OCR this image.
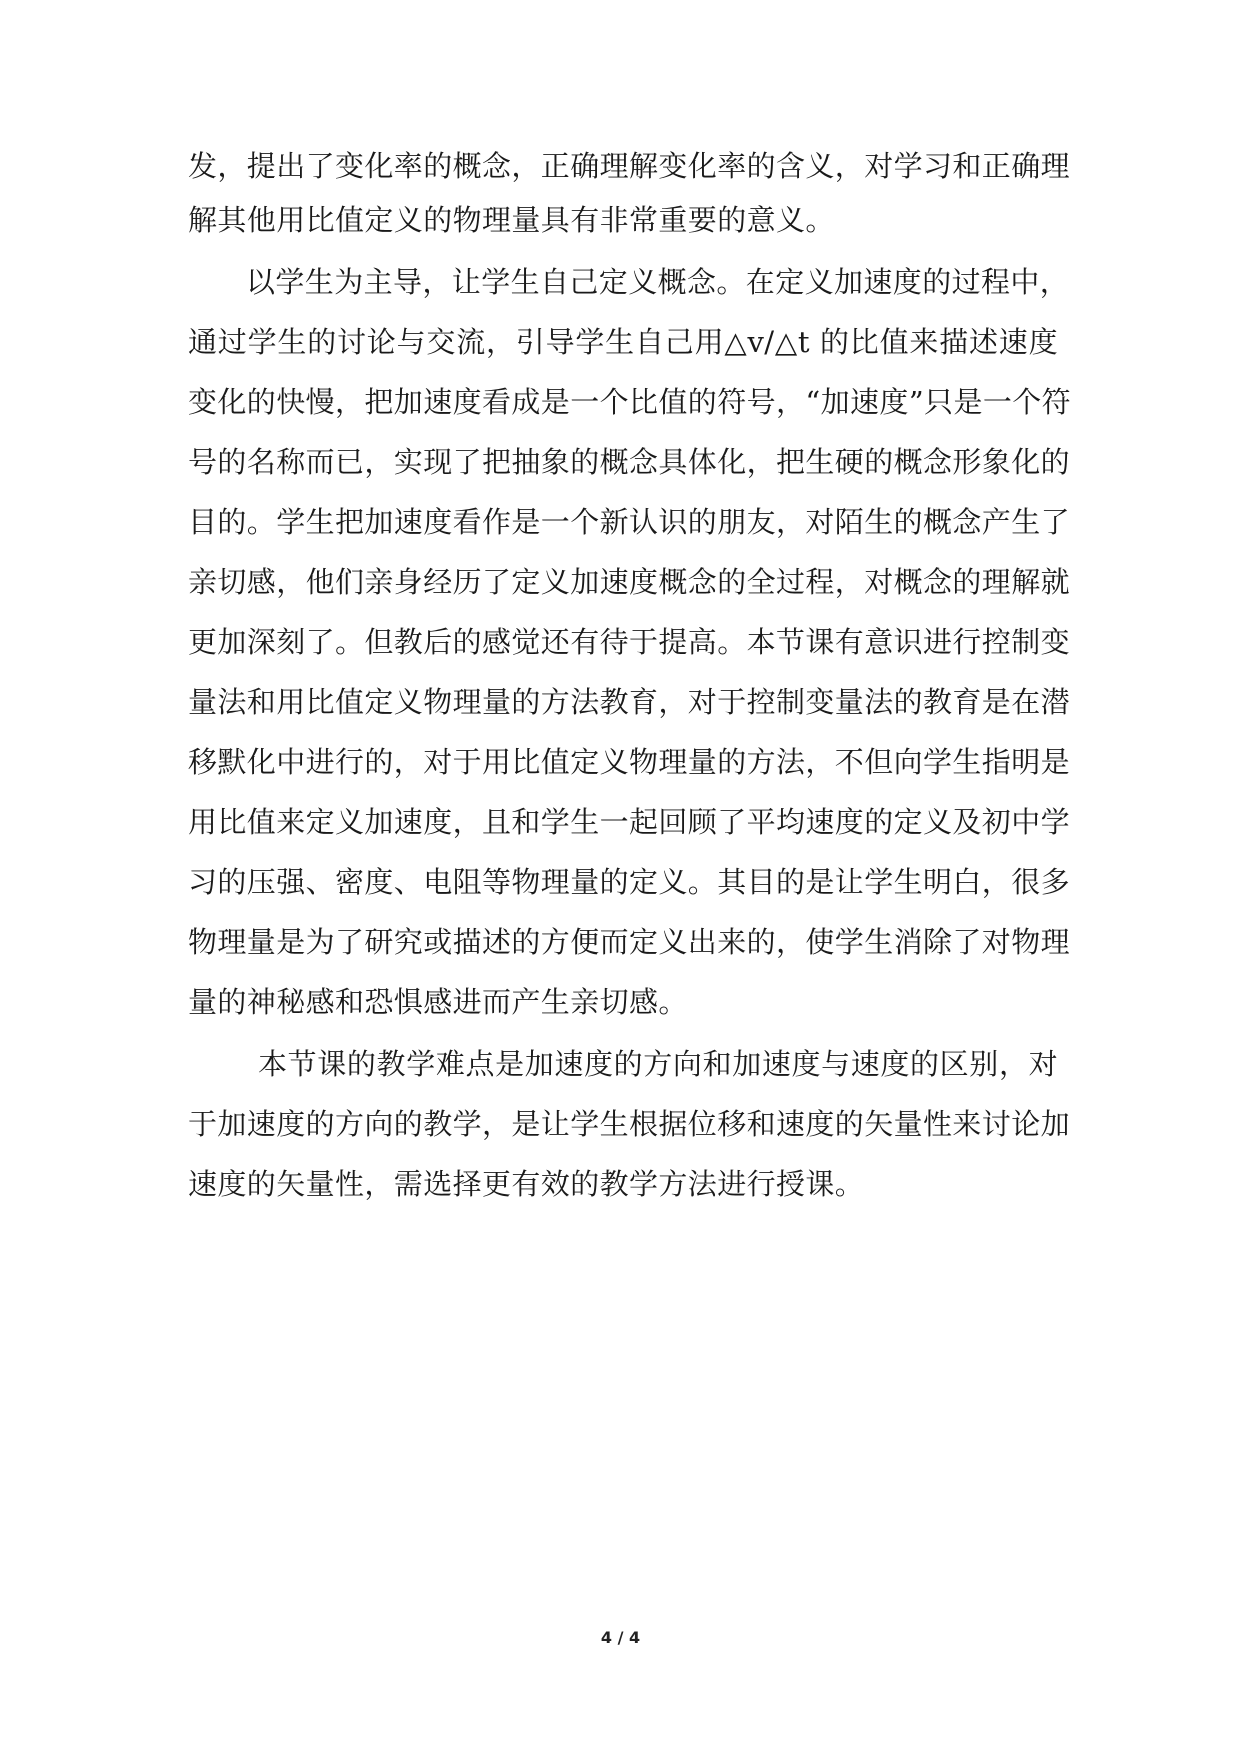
发，提出了变化率的概念，正确理解变化率的含义，对学习和正确理
解其他用比值定义的物理量具有非常重要的意义。
以学生为主导，让学生自己定义概念。在定义加速度的过程中，
通过学生的讨论与交流，引导学生自己用△v/△t 的比值来描述速度
变化的快慢，把加速度看成是一个比值的符号，“加速度”只是一个符
号的名称而已，实现了把抽象的概念具体化，把生硬的概念形象化的
目的。学生把加速度看作是一个新认识的朋友，对陌生的概念产生了
亲切感，他们亲身经历了定义加速度概念的全过程，对概念的理解就
更加深刻了。但教后的感觉还有待于提高。本节课有意识进行控制变
量法和用比值定义物理量的方法教育，对于控制变量法的教育是在潜
移默化中进行的，对于用比值定义物理量的方法，不但向学生指明是
用比值来定义加速度，且和学生一起回顾了平均速度的定义及初中学
习的压强、密度、电阻等物理量的定义。其目的是让学生明白，很多
物理量是为了研究或描述的方便而定义出来的，使学生消除了对物理
量的神秘感和恐惧感进而产生亲切感。
本节课的教学难点是加速度的方向和加速度与速度的区别，对
于加速度的方向的教学，是让学生根据位移和速度的矢量性来讨论加
速度的矢量性，需选择更有效的教学方法进行授课。
4 / 4
